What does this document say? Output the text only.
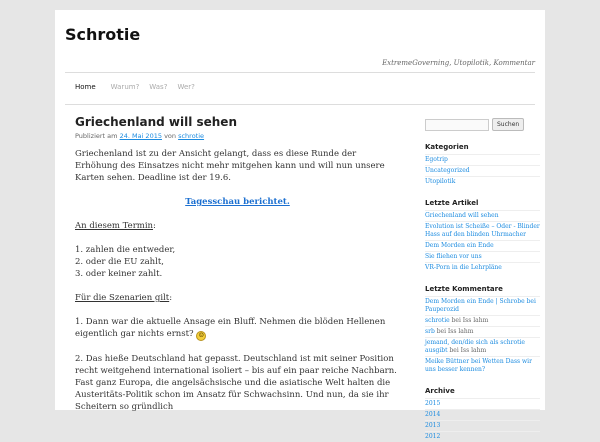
Schrotie
ExtremeGoverning, Utopilotik, Kommentar
Home	Warum?	Was?	Wer?
Griechenland will sehen
Publiziert am 24. Mai 2015 von schrotie

Griechenland ist zu der Ansicht gelangt, dass es diese Runde der Erhöhung des Einsatzes nicht mehr mitgehen kann und will nun unsere Karten sehen. Deadline ist der 19.6.

Tagesschau berichtet.

An diesem Termin:

1. zahlen die entweder,
2. oder die EU zahlt,
3. oder keiner zahlt.

Für die Szenarien gilt:

1. Dann war die aktuelle Ansage ein Bluff. Nehmen die blöden Hellenen eigentlich gar nichts ernst? ☺

2. Das hieße Deutschland hat gepasst. Deutschland ist mit seiner Position recht weitgehend international isoliert – bis auf ein paar reiche Nachbarn. Fast ganz Europa, die angelsächsische und die asiatische Welt halten die Austeritäts-Politik schon im Ansatz für Schwachsinn. Und nun, da sie ihr Scheitern so gründlich

Suchen
Kategorien
Egotrip
Uncategorized
Utopilotik
Letzte Artikel
Griechenland will sehen
Evolution ist Scheiße – Oder - Blinder Hass auf den blinden Uhrmacher
Dem Morden ein Ende
Sie fliehen vor uns
VR-Porn in die Lehrpläne
Letzte Kommentare
Dem Morden ein Ende | Schrobe bei Pauperozid
schrotie bei Iss lahm
srb bei Iss lahm
jemand, den/die sich als schrotie ausgibt bei Iss lahm
Meike Büttner bei Wetten Dass wir uns besser kennen?
Archive
2015
2014
2013
2012
